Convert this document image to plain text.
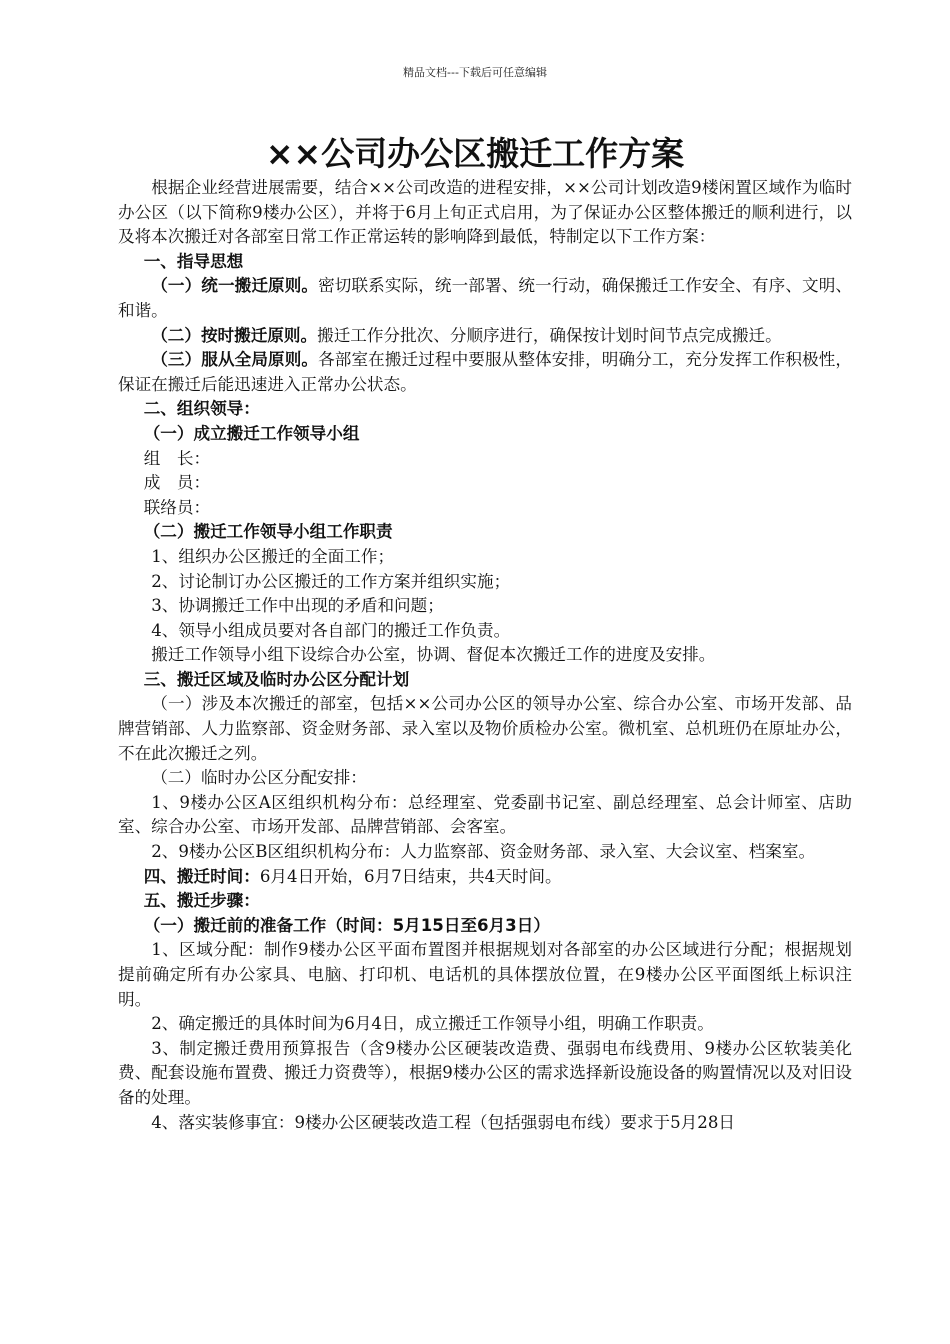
精品文档---下载后可任意编辑
××公司办公区搬迁工作方案

根据企业经营进展需要，结合××公司改造的进程安排，××公司计划改造9楼闲置区域作为临时办公区（以下简称9楼办公区），并将于6月上旬正式启用，为了保证办公区整体搬迁的顺利进行，以及将本次搬迁对各部室日常工作正常运转的影响降到最低，特制定以下工作方案：

一、指导思想

（一）统一搬迁原则。密切联系实际，统一部署、统一行动，确保搬迁工作安全、有序、文明、和谐。

（二）按时搬迁原则。搬迁工作分批次、分顺序进行，确保按计划时间节点完成搬迁。

（三）服从全局原则。各部室在搬迁过程中要服从整体安排，明确分工，充分发挥工作积极性，保证在搬迁后能迅速进入正常办公状态。

二、组织领导：

（一）成立搬迁工作领导小组

组　长：

成　员：

联络员：

（二）搬迁工作领导小组工作职责

1、组织办公区搬迁的全面工作；

2、讨论制订办公区搬迁的工作方案并组织实施；

3、协调搬迁工作中出现的矛盾和问题；

4、领导小组成员要对各自部门的搬迁工作负责。

搬迁工作领导小组下设综合办公室，协调、督促本次搬迁工作的进度及安排。

三、搬迁区域及临时办公区分配计划

（一）涉及本次搬迁的部室，包括××公司办公区的领导办公室、综合办公室、市场开发部、品牌营销部、人力监察部、资金财务部、录入室以及物价质检办公室。微机室、总机班仍在原址办公，不在此次搬迁之列。

（二）临时办公区分配安排：

1、9楼办公区A区组织机构分布：总经理室、党委副书记室、副总经理室、总会计师室、店助室、综合办公室、市场开发部、品牌营销部、会客室。

2、9楼办公区B区组织机构分布：人力监察部、资金财务部、录入室、大会议室、档案室。

四、搬迁时间：6月4日开始，6月7日结束，共4天时间。

五、搬迁步骤：

（一）搬迁前的准备工作（时间：5月15日至6月3日）

1、区域分配：制作9楼办公区平面布置图并根据规划对各部室的办公区域进行分配；根据规划提前确定所有办公家具、电脑、打印机、电话机的具体摆放位置，在9楼办公区平面图纸上标识注明。

2、确定搬迁的具体时间为6月4日，成立搬迁工作领导小组，明确工作职责。

3、制定搬迁费用预算报告（含9楼办公区硬装改造费、强弱电布线费用、9楼办公区软装美化费、配套设施布置费、搬迁力资费等），根据9楼办公区的需求选择新设施设备的购置情况以及对旧设备的处理。

4、落实装修事宜：9楼办公区硬装改造工程（包括强弱电布线）要求于5月28日
